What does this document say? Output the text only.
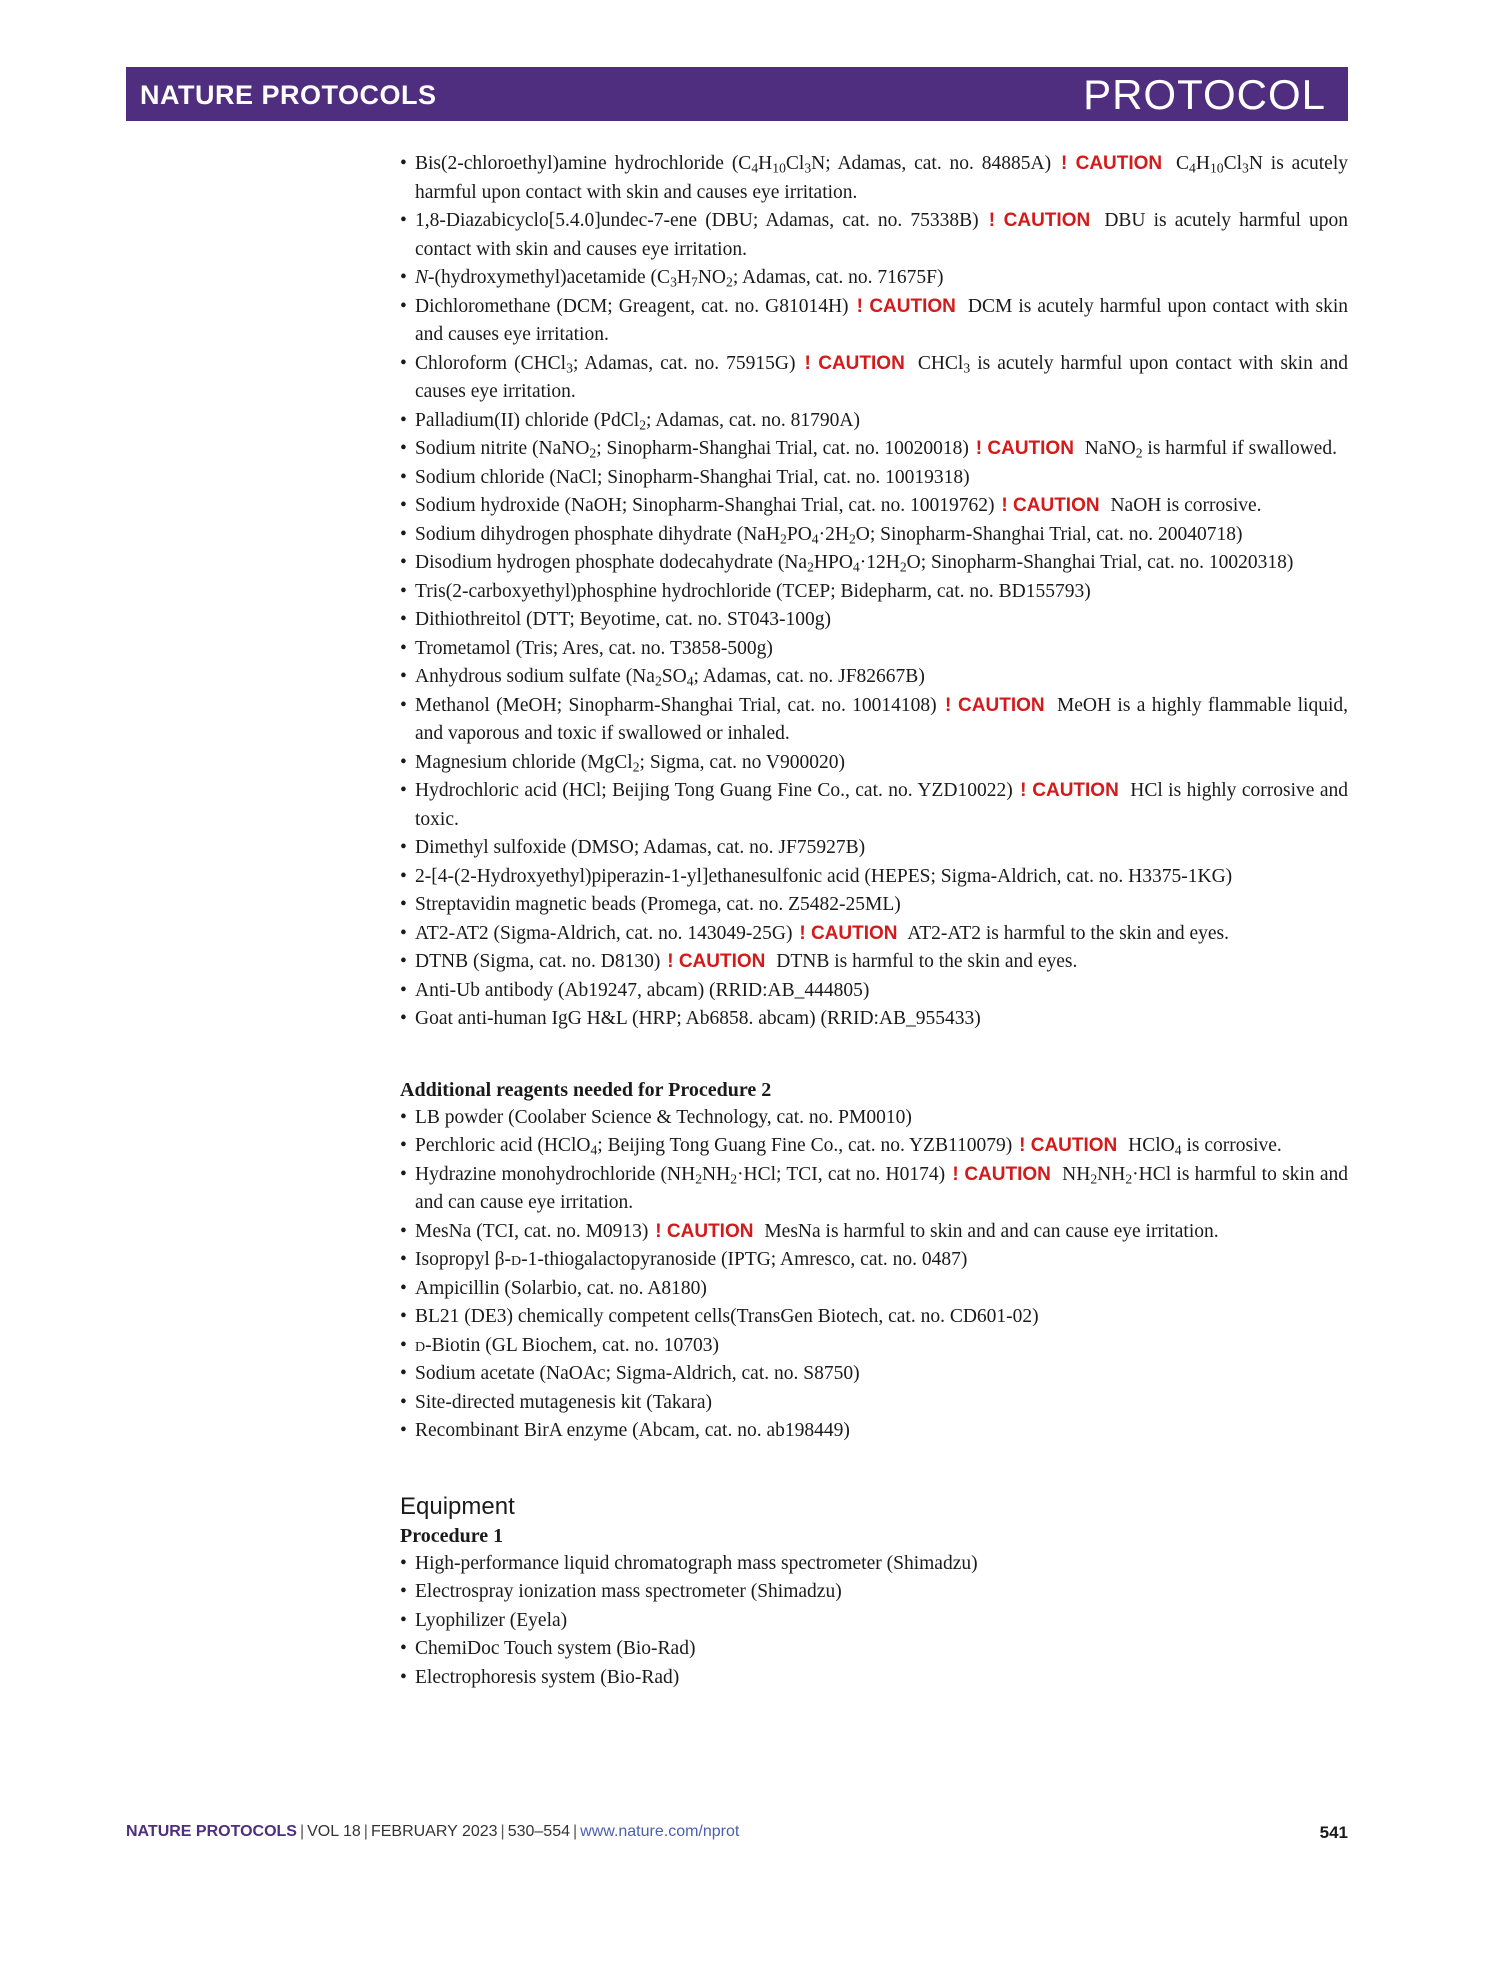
NATURE PROTOCOLS	PROTOCOL
• Bis(2-chloroethyl)amine hydrochloride ($C_4H_{10}Cl_3N$; Adamas, cat. no. 84885A) ! CAUTION $C_4H_{10}Cl_3N$ is acutely harmful upon contact with skin and causes eye irritation.
• 1,8-Diazabicyclo[5.4.0]undec-7-ene (DBU; Adamas, cat. no. 75338B) ! CAUTION DBU is acutely harmful upon contact with skin and causes eye irritation.
• N-(hydroxymethyl)acetamide ($C_3H_7NO_2$; Adamas, cat. no. 71675F)
• Dichloromethane (DCM; Greagent, cat. no. G81014H) ! CAUTION DCM is acutely harmful upon contact with skin and causes eye irritation.
• Chloroform (CHCl$_3$; Adamas, cat. no. 75915G) ! CAUTION CHCl$_3$ is acutely harmful upon contact with skin and causes eye irritation.
• Palladium(II) chloride (PdCl$_2$; Adamas, cat. no. 81790A)
• Sodium nitrite (NaNO$_2$; Sinopharm-Shanghai Trial, cat. no. 10020018) ! CAUTION NaNO$_2$ is harmful if swallowed.
• Sodium chloride (NaCl; Sinopharm-Shanghai Trial, cat. no. 10019318)
• Sodium hydroxide (NaOH; Sinopharm-Shanghai Trial, cat. no. 10019762) ! CAUTION NaOH is corrosive.
• Sodium dihydrogen phosphate dihydrate ($NaH_2PO_4\cdot 2H_2O$; Sinopharm-Shanghai Trial, cat. no. 20040718)
• Disodium hydrogen phosphate dodecahydrate ($Na_2HPO_4\cdot 12H_2O$; Sinopharm-Shanghai Trial, cat. no. 10020318)
• Tris(2-carboxyethyl)phosphine hydrochloride (TCEP; Bidepharm, cat. no. BD155793)
• Dithiothreitol (DTT; Beyotime, cat. no. ST043-100g)
• Trometamol (Tris; Ares, cat. no. T3858-500g)
• Anhydrous sodium sulfate ($Na_2SO_4$; Adamas, cat. no. JF82667B)
• Methanol (MeOH; Sinopharm-Shanghai Trial, cat. no. 10014108) ! CAUTION MeOH is a highly flammable liquid, and vaporous and toxic if swallowed or inhaled.
• Magnesium chloride (MgCl$_2$; Sigma, cat. no V900020)
• Hydrochloric acid (HCl; Beijing Tong Guang Fine Co., cat. no. YZD10022) ! CAUTION HCl is highly corrosive and toxic.
• Dimethyl sulfoxide (DMSO; Adamas, cat. no. JF75927B)
• 2-[4-(2-Hydroxyethyl)piperazin-1-yl]ethanesulfonic acid (HEPES; Sigma-Aldrich, cat. no. H3375-1KG)
• Streptavidin magnetic beads (Promega, cat. no. Z5482-25ML)
• AT2-AT2 (Sigma-Aldrich, cat. no. 143049-25G) ! CAUTION AT2-AT2 is harmful to the skin and eyes.
• DTNB (Sigma, cat. no. D8130) ! CAUTION DTNB is harmful to the skin and eyes.
• Anti-Ub antibody (Ab19247, abcam) (RRID:AB_444805)
• Goat anti-human IgG H&L (HRP; Ab6858. abcam) (RRID:AB_955433)

Additional reagents needed for Procedure 2

• LB powder (Coolaber Science & Technology, cat. no. PM0010)
• Perchloric acid (HClO$_4$; Beijing Tong Guang Fine Co., cat. no. YZB110079) ! CAUTION HClO$_4$ is corrosive.
• Hydrazine monohydrochloride ($NH_2NH_2\cdot HCl$; TCI, cat no. H0174) ! CAUTION $NH_2NH_2\cdot HCl$ is harmful to skin and and can cause eye irritation.
• MesNa (TCI, cat. no. M0913) ! CAUTION MesNa is harmful to skin and and can cause eye irritation.
• Isopropyl β-d-1-thiogalactopyranoside (IPTG; Amresco, cat. no. 0487)
• Ampicillin (Solarbio, cat. no. A8180)
• BL21 (DE3) chemically competent cells(TransGen Biotech, cat. no. CD601-02)
• d-Biotin (GL Biochem, cat. no. 10703)
• Sodium acetate (NaOAc; Sigma-Aldrich, cat. no. S8750)
• Site-directed mutagenesis kit (Takara)
• Recombinant BirA enzyme (Abcam, cat. no. ab198449)

Equipment

Procedure 1

• High-performance liquid chromatograph mass spectrometer (Shimadzu)
• Electrospray ionization mass spectrometer (Shimadzu)
• Lyophilizer (Eyela)
• ChemiDoc Touch system (Bio-Rad)
• Electrophoresis system (Bio-Rad)
NATURE PROTOCOLS | VOL 18 | FEBRUARY 2023 | 530–554 | www.nature.com/nprot	541
